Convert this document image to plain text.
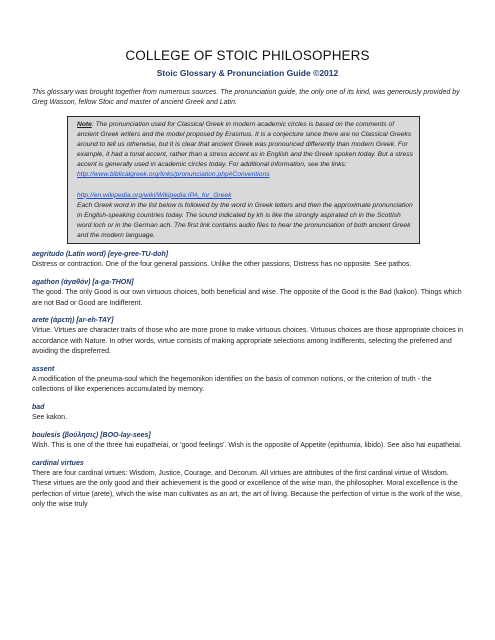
COLLEGE OF STOIC PHILOSOPHERS
Stoic Glossary & Pronunciation Guide ©2012
This glossary was brought together from numerous sources. The pronunciation guide, the only one of its kind, was generously provided by Greg Wasson, fellow Stoic and master of ancient Greek and Latin.

Note: The pronunciation used for Classical Greek in modern academic circles is based on the comments of ancient Greek writers and the model proposed by Erasmus. It is a conjecture since there are no Classical Greeks around to tell us otherwise, but it is clear that ancient Greek was pronounced differently than modern Greek. For example, it had a tonal accent, rather than a stress accent as in English and the Greek spoken today. But a stress accent is generally used in academic circles today. For additional information, see the links:

http://www.biblicalgreek.org/links/pronunciation.php#Conventions

http://en.wikipedia.org/wiki/Wikipedia:IPA_for_Greek

Each Greek word in the list below is followed by the word in Greek letters and then the approximate pronunciation in English-speaking countries today. The sound indicated by kh is like the strongly aspirated ch in the Scottish word loch or in the German ach. The first link contains audio files to hear the pronunciation of both ancient Greek and the modern language.

aegritudo (Latin word) [eye-gree-TU-doh]
Distress or contraction. One of the four general passions. Unlike the other passions, Distress has no opposite. See pathos.
agathon (ἀγαθόν) [a-ga-THON]
The good. The only Good is our own virtuous choices, both beneficial and wise. The opposite of the Good is the Bad (kakon). Things which are not Bad or Good are Indifferent.
arete (ἀρετή) [ar-eh-TAY]
Virtue. Virtues are character traits of those who are more prone to make virtuous choices. Virtuous choices are those appropriate choices in accordance with Nature. In other words, virtue consists of making appropriate selections among Indifferents, selecting the preferred and avoiding the dispreferred.
assent
A modification of the pneuma-soul which the hegemonikon identifies on the basis of common notions, or the criterion of truth - the collections of like experiences accumulated by memory.
bad
See kakon.
boulesis (βούλησις) [BOO-lay-sees]
Wish. This is one of the three hai eupatheiai, or 'good feelings'. Wish is the opposite of Appetite (epithumia, libido). See also hai eupatheiai.
cardinal virtues
There are four cardinal virtues: Wisdom, Justice, Courage, and Decorum. All virtues are attributes of the first cardinal virtue of Wisdom. These virtues are the only good and their achievement is the good or excellence of the wise man, the philosopher. Moral excellence is the perfection of virtue (arete), which the wise man cultivates as an art, the art of living. Because the perfection of virtue is the work of the wise, only the wise truly
